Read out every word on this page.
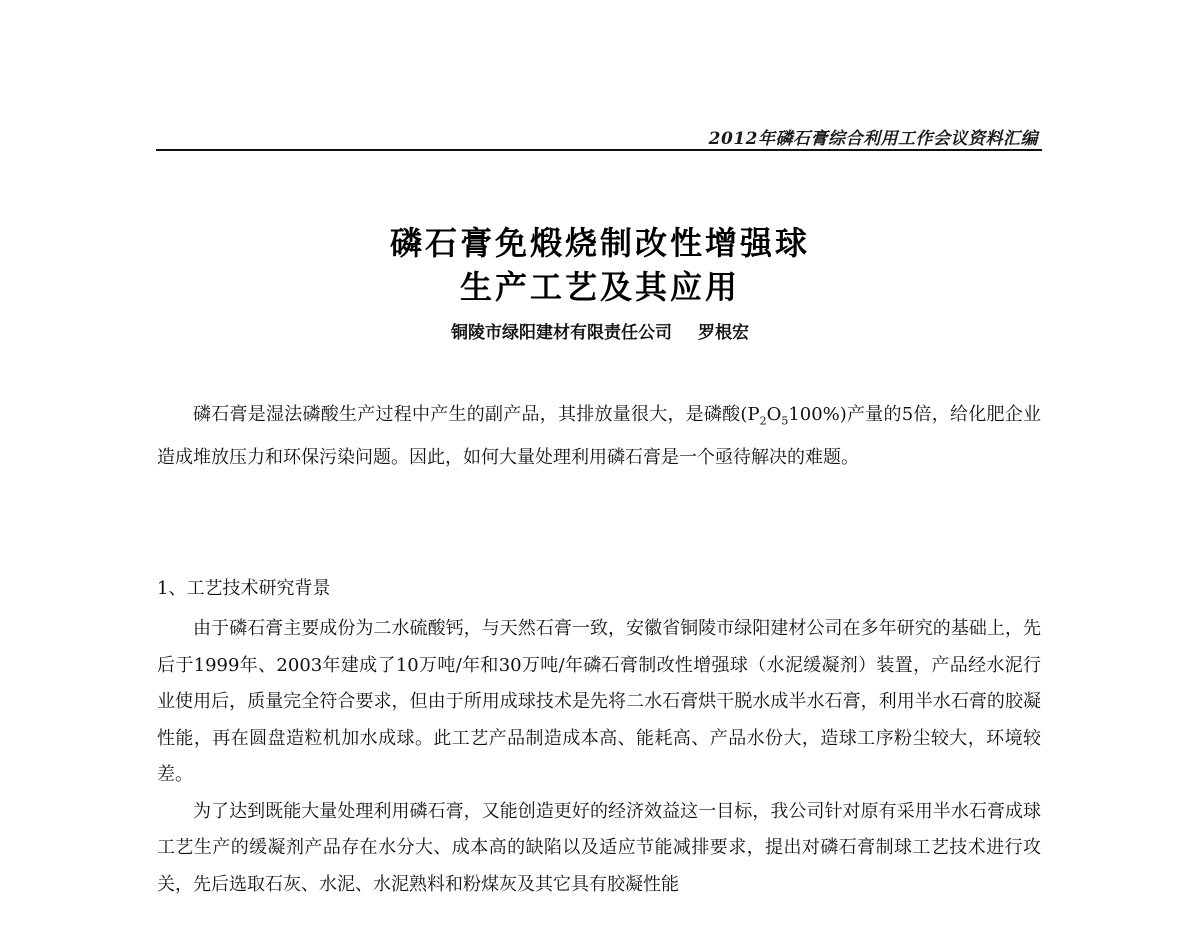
2012年磷石膏综合利用工作会议资料汇编
磷石膏免煅烧制改性增强球
生产工艺及其应用
铜陵市绿阳建材有限责任公司 罗根宏

磷石膏是湿法磷酸生产过程中产生的副产品，其排放量很大，是磷酸$(P_2O_5100\%)$产量的5倍，给化肥企业造成堆放压力和环保污染问题。因此，如何大量处理利用磷石膏是一个亟待解决的难题。

1、工艺技术研究背景

由于磷石膏主要成份为二水硫酸钙，与天然石膏一致，安徽省铜陵市绿阳建材公司在多年研究的基础上，先后于1999年、2003年建成了10万吨/年和30万吨/年磷石膏制改性增强球（水泥缓凝剂）装置，产品经水泥行业使用后，质量完全符合要求，但由于所用成球技术是先将二水石膏烘干脱水成半水石膏，利用半水石膏的胶凝性能，再在圆盘造粒机加水成球。此工艺产品制造成本高、能耗高、产品水份大，造球工序粉尘较大，环境较差。

为了达到既能大量处理利用磷石膏，又能创造更好的经济效益这一目标，我公司针对原有采用半水石膏成球工艺生产的缓凝剂产品存在水分大、成本高的缺陷以及适应节能减排要求，提出对磷石膏制球工艺技术进行攻关，先后选取石灰、水泥、水泥熟料和粉煤灰及其它具有胶凝性能
